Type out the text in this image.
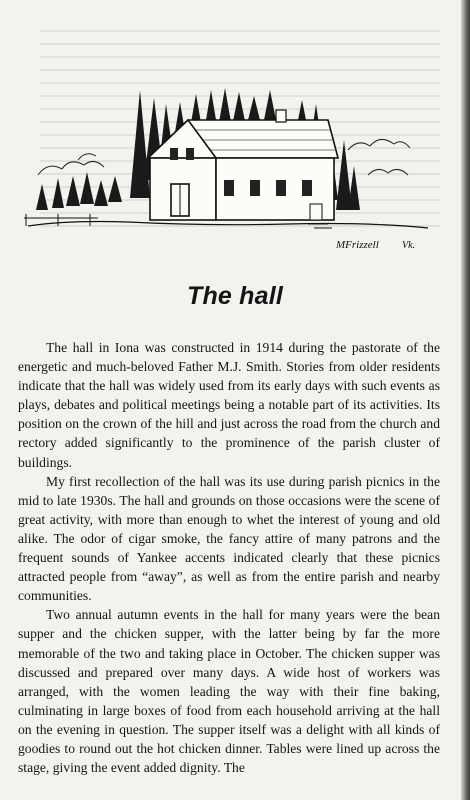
MFrizzell Vk.
The hall

The hall in Iona was constructed in 1914 during the pastorate of the energetic and much-beloved Father M.J. Smith. Stories from older residents indicate that the hall was widely used from its early days with such events as plays, debates and political meetings being a notable part of its activities. Its position on the crown of the hill and just across the road from the church and rectory added significantly to the prominence of the parish cluster of buildings.

My first recollection of the hall was its use during parish picnics in the mid to late 1930s. The hall and grounds on those occasions were the scene of great activity, with more than enough to whet the interest of young and old alike. The odor of cigar smoke, the fancy attire of many patrons and the frequent sounds of Yankee accents indicated clearly that these picnics attracted people from “away”, as well as from the entire parish and nearby communities.

Two annual autumn events in the hall for many years were the bean supper and the chicken supper, with the latter being by far the more memorable of the two and taking place in October. The chicken supper was discussed and prepared over many days. A wide host of workers was arranged, with the women leading the way with their fine baking, culminating in large boxes of food from each household arriving at the hall on the evening in question. The supper itself was a delight with all kinds of goodies to round out the hot chicken dinner. Tables were lined up across the stage, giving the event added dignity. The
